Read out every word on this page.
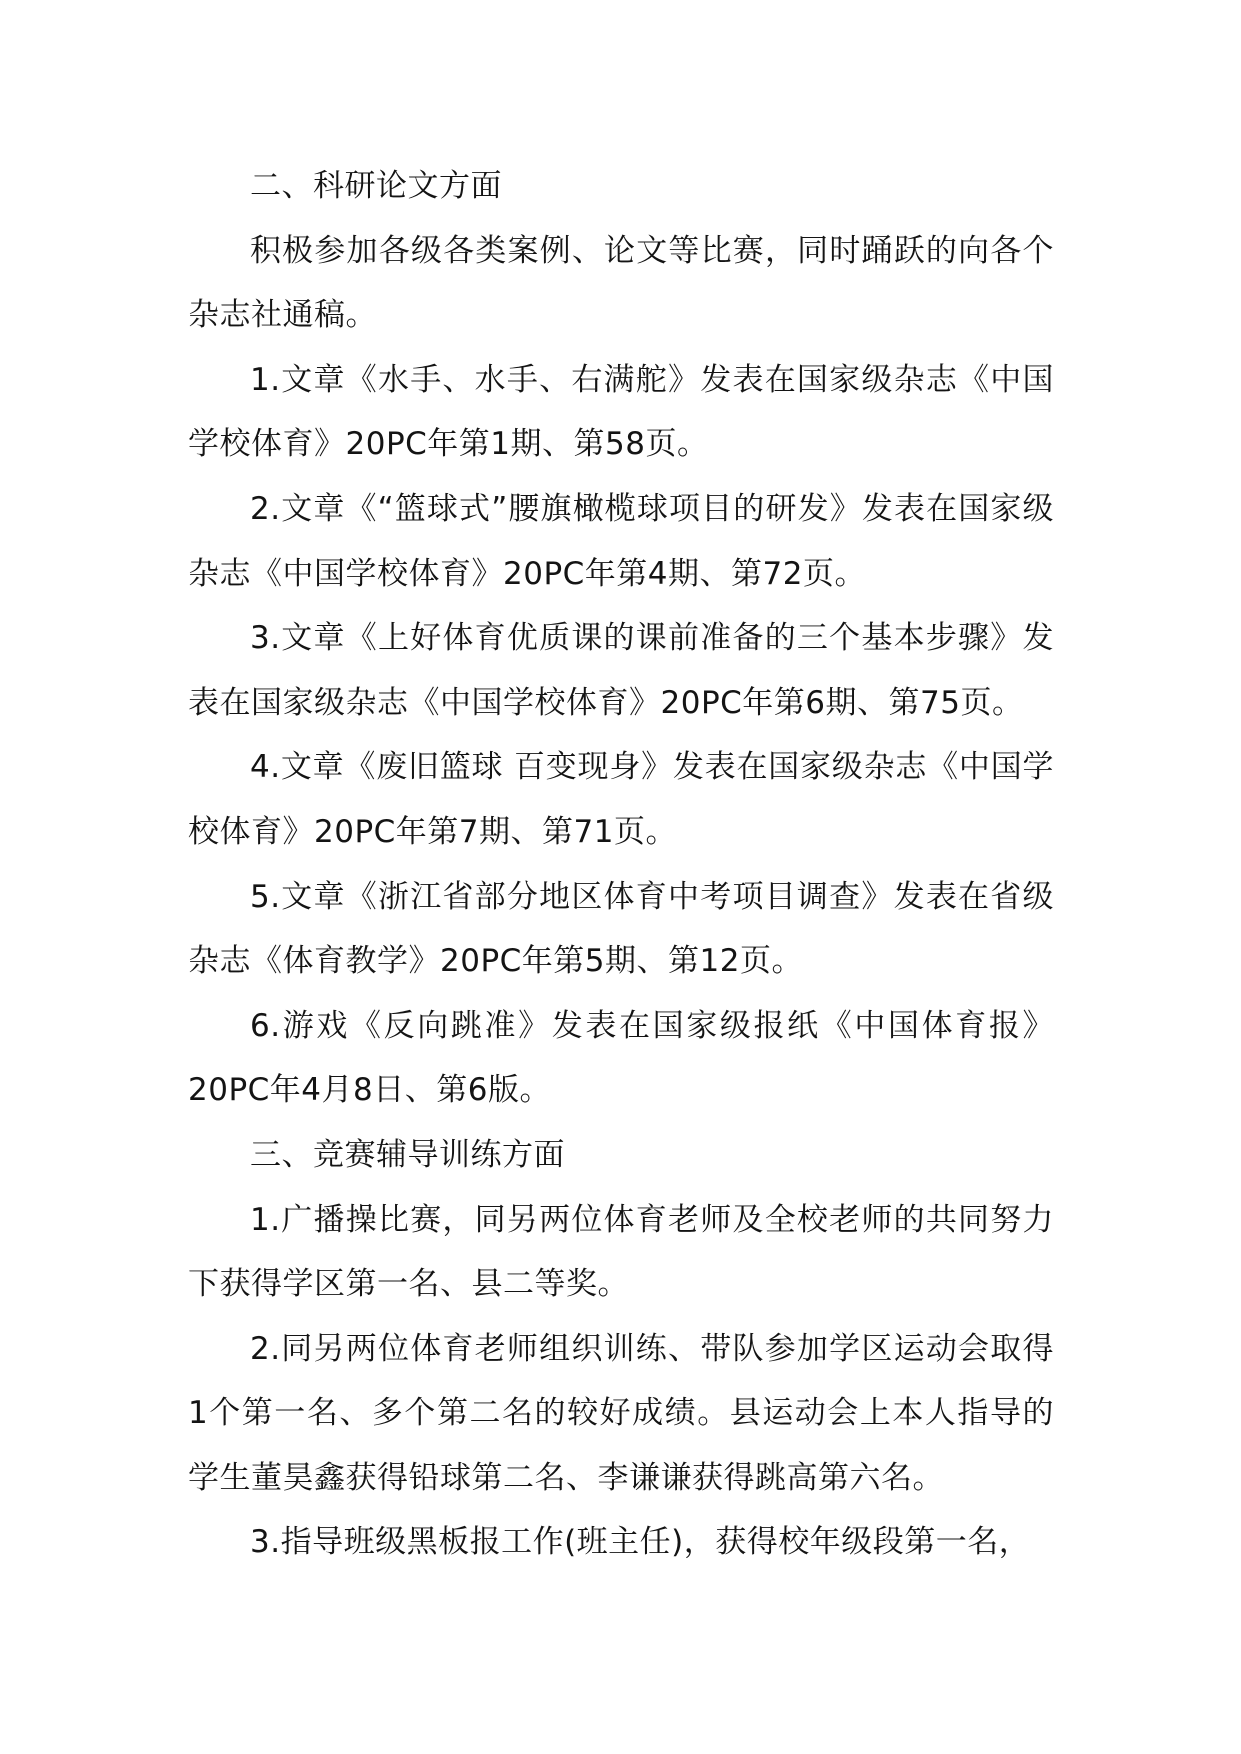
二、科研论文方面

积极参加各级各类案例、论文等比赛，同时踊跃的向各个杂志社通稿。

1.文章《水手、水手、右满舵》发表在国家级杂志《中国学校体育》20PC年第1期、第58页。

2.文章《“篮球式”腰旗橄榄球项目的研发》发表在国家级杂志《中国学校体育》20PC年第4期、第72页。

3.文章《上好体育优质课的课前准备的三个基本步骤》发表在国家级杂志《中国学校体育》20PC年第6期、第75页。

4.文章《废旧篮球 百变现身》发表在国家级杂志《中国学校体育》20PC年第7期、第71页。

5.文章《浙江省部分地区体育中考项目调查》发表在省级杂志《体育教学》20PC年第5期、第12页。

6.游戏《反向跳准》发表在国家级报纸《中国体育报》20PC年4月8日、第6版。

三、竞赛辅导训练方面

1.广播操比赛，同另两位体育老师及全校老师的共同努力下获得学区第一名、县二等奖。

2.同另两位体育老师组织训练、带队参加学区运动会取得1个第一名、多个第二名的较好成绩。县运动会上本人指导的学生董昊鑫获得铅球第二名、李谦谦获得跳高第六名。

3.指导班级黑板报工作(班主任)，获得校年级段第一名，
